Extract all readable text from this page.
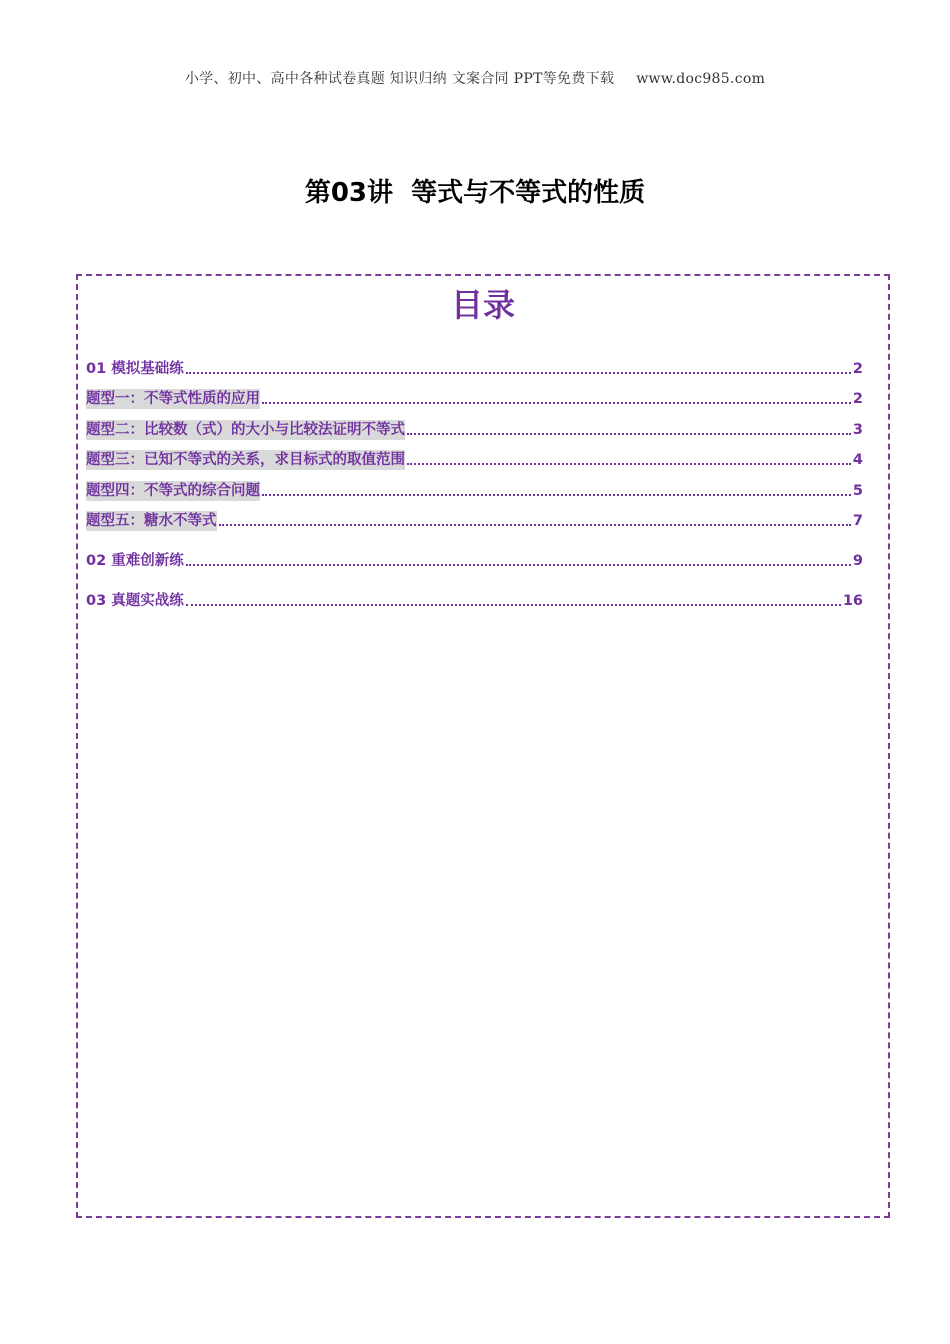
小学、初中、高中各种试卷真题 知识归纳 文案合同 PPT等免费下载 www.doc985.com
第03讲  等式与不等式的性质
目录
01 模拟基础练	2
题型一：不等式性质的应用	2
题型二：比较数（式）的大小与比较法证明不等式	3
题型三：已知不等式的关系，求目标式的取值范围	4
题型四：不等式的综合问题	5
题型五：糖水不等式	7
02 重难创新练	9
03 真题实战练	16
